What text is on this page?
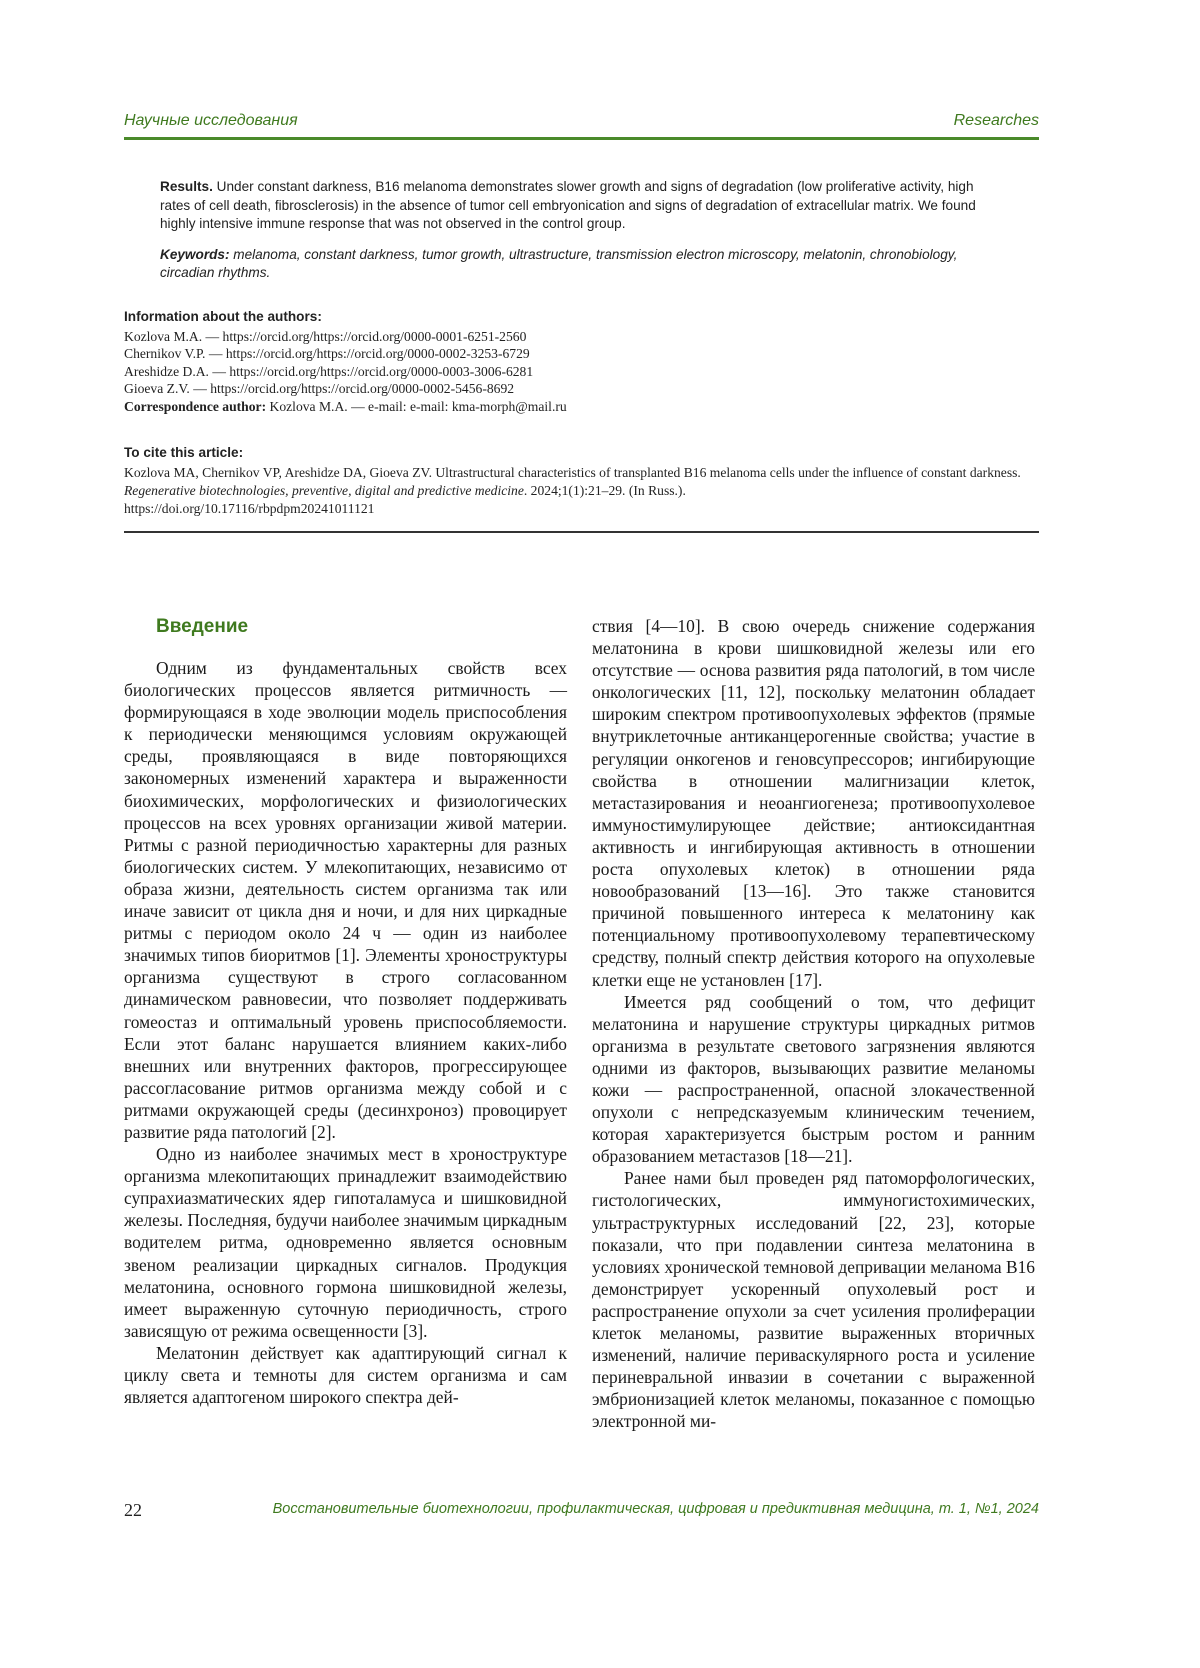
Научные исследования	Researches

Results. Under constant darkness, B16 melanoma demonstrates slower growth and signs of degradation (low proliferative activity, high rates of cell death, fibrosclerosis) in the absence of tumor cell embryonication and signs of degradation of extracellular matrix. We found highly intensive immune response that was not observed in the control group.

Keywords: melanoma, constant darkness, tumor growth, ultrastructure, transmission electron microscopy, melatonin, chronobiology, circadian rhythms.

Information about the authors:
Kozlova M.A. — https://orcid.org/https://orcid.org/0000-0001-6251-2560
Chernikov V.P. — https://orcid.org/https://orcid.org/0000-0002-3253-6729
Areshidze D.A. — https://orcid.org/https://orcid.org/0000-0003-3006-6281
Gioeva Z.V. — https://orcid.org/https://orcid.org/0000-0002-5456-8692
Correspondence author: Kozlova M.A. — e-mail: e-mail: kma-morph@mail.ru
To cite this article:
Kozlova MA, Chernikov VP, Areshidze DA, Gioeva ZV. Ultrastructural characteristics of transplanted B16 melanoma cells under the influence of constant darkness. Regenerative biotechnologies, preventive, digital and predictive medicine. 2024;1(1):21–29. (In Russ.).
https://doi.org/10.17116/rbpdpm20241011121
Введение

Одним из фундаментальных свойств всех биологических процессов является ритмичность — формирующаяся в ходе эволюции модель приспособления к периодически меняющимся условиям окружающей среды, проявляющаяся в виде повторяющихся закономерных изменений характера и выраженности биохимических, морфологических и физиологических процессов на всех уровнях организации живой материи. Ритмы с разной периодичностью характерны для разных биологических систем. У млекопитающих, независимо от образа жизни, деятельность систем организма так или иначе зависит от цикла дня и ночи, и для них циркадные ритмы с периодом около 24 ч — один из наиболее значимых типов биоритмов [1]. Элементы хроноструктуры организма существуют в строго согласованном динамическом равновесии, что позволяет поддерживать гомеостаз и оптимальный уровень приспособляемости. Если этот баланс нарушается влиянием каких-либо внешних или внутренних факторов, прогрессирующее рассогласование ритмов организма между собой и с ритмами окружающей среды (десинхроноз) провоцирует развитие ряда патологий [2].

Одно из наиболее значимых мест в хроноструктуре организма млекопитающих принадлежит взаимодействию супрахиазматических ядер гипоталамуса и шишковидной железы. Последняя, будучи наиболее значимым циркадным водителем ритма, одновременно является основным звеном реализации циркадных сигналов. Продукция мелатонина, основного гормона шишковидной железы, имеет выраженную суточную периодичность, строго зависящую от режима освещенности [3].

Мелатонин действует как адаптирующий сигнал к циклу света и темноты для систем организма и сам является адаптогеном широкого спектра дей-

ствия [4—10]. В свою очередь снижение содержания мелатонина в крови шишковидной железы или его отсутствие — основа развития ряда патологий, в том числе онкологических [11, 12], поскольку мелатонин обладает широким спектром противоопухолевых эффектов (прямые внутриклеточные антиканцерогенные свойства; участие в регуляции онкогенов и геновсупрессоров; ингибирующие свойства в отношении малигнизации клеток, метастазирования и неоангиогенеза; противоопухолевое иммуностимулирующее действие; антиоксидантная активность и ингибирующая активность в отношении роста опухолевых клеток) в отношении ряда новообразований [13—16]. Это также становится причиной повышенного интереса к мелатонину как потенциальному противоопухолевому терапевтическому средству, полный спектр действия которого на опухолевые клетки еще не установлен [17].

Имеется ряд сообщений о том, что дефицит мелатонина и нарушение структуры циркадных ритмов организма в результате светового загрязнения являются одними из факторов, вызывающих развитие меланомы кожи — распространенной, опасной злокачественной опухоли с непредсказуемым клиническим течением, которая характеризуется быстрым ростом и ранним образованием метастазов [18—21].

Ранее нами был проведен ряд патоморфологических, гистологических, иммуногистохимических, ультраструктурных исследований [22, 23], которые показали, что при подавлении синтеза мелатонина в условиях хронической темновой депривации меланома B16 демонстрирует ускоренный опухолевый рост и распространение опухоли за счет усиления пролиферации клеток меланомы, развитие выраженных вторичных изменений, наличие периваскулярного роста и усиление периневральной инвазии в сочетании с выраженной эмбрионизацией клеток меланомы, показанное с помощью электронной ми-

22	Восстановительные биотехнологии, профилактическая, цифровая и предиктивная медицина, т. 1, №1, 2024
